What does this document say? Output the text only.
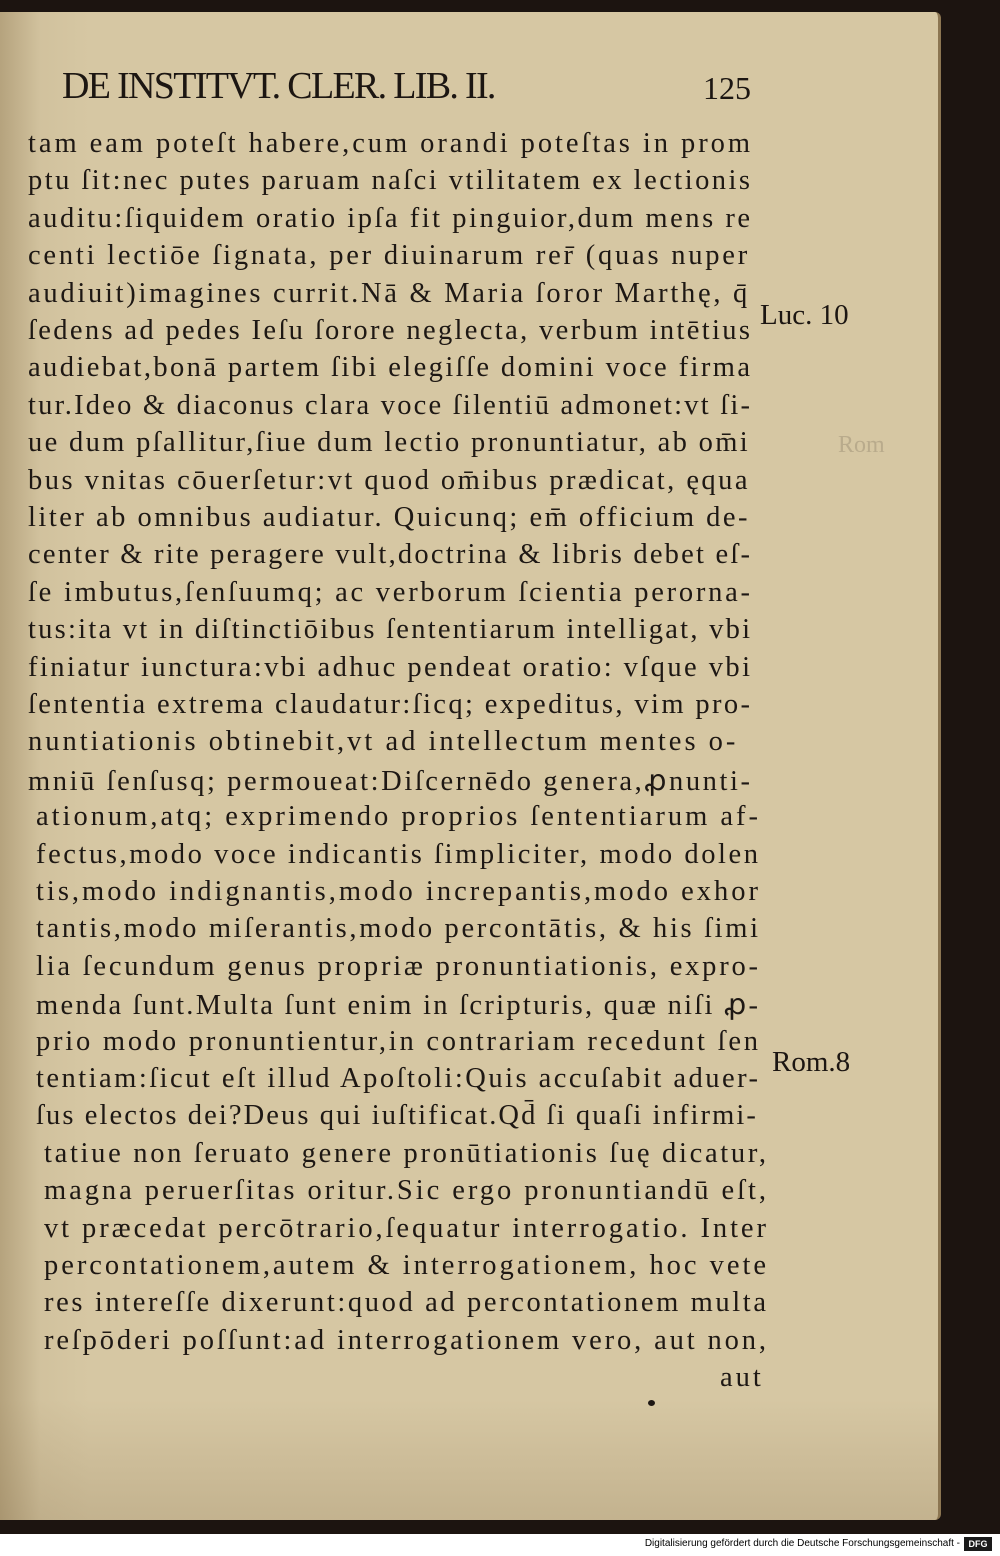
DE INSTITVT. CLER. LIB. II.	125
tam eam poteſt habere,cum orandi poteſtas in prom
ptu ſit:nec putes paruam naſci vtilitatem ex lectionis
auditu:ſiquidem oratio ipſa fit pinguior,dum mens re
centi lectiōe ſignata, per diuinarum rer̄ (quas nuper
audiuit)imagines currit.Nā & Maria ſoror Marthę, q̄
ſedens ad pedes Ieſu ſorore neglecta, verbum intētius
audiebat,bonā partem ſibi elegiſſe domini voce firma
tur.Ideo & diaconus clara voce ſilentiū admonet:vt ſi-
ue dum pſallitur,ſiue dum lectio pronuntiatur, ab om̄i
bus vnitas cōuerſetur:vt quod om̄ibus prædicat, ęqua
liter ab omnibus audiatur. Quicunq; em̄ officium de-
center & rite peragere vult,doctrina & libris debet eſ-
ſe imbutus,ſenſuumq; ac verborum ſcientia perorna-
tus:ita vt in diſtinctiōibus ſententiarum intelligat, vbi
finiatur iunctura:vbi adhuc pendeat oratio: vſque vbi
ſententia extrema claudatur:ſicq; expeditus, vim pro-
nuntiationis obtinebit,vt ad intellectum mentes o-
mniū ſenſusq; permoueat:Diſcernēdo genera,ꝓnunti-
ationum,atq; exprimendo proprios ſententiarum af-
fectus,modo voce indicantis ſimpliciter, modo dolen
tis,modo indignantis,modo increpantis,modo exhor
tantis,modo miſerantis,modo percontātis, & his ſimi
lia ſecundum genus propriæ pronuntiationis, expro-
menda ſunt.Multa ſunt enim in ſcripturis, quæ niſi ꝓ-
prio modo pronuntientur,in contrariam recedunt ſen
tentiam:ſicut eſt illud Apoſtoli:Quis accuſabit aduer-
ſus electos dei?Deus qui iuſtificat.Qd̄ ſi quaſi infirmi-
tatiue non ſeruato genere pronūtiationis ſuę dicatur,
magna peruerſitas oritur.Sic ergo pronuntiandū eſt,
vt præcedat percōtrario,ſequatur interrogatio. Inter
percontationem,autem & interrogationem, hoc vete
res intereſſe dixerunt:quod ad percontationem multa
reſpōderi poſſunt:ad interrogationem vero, aut non,
aut
Luc. 10
Rom.8
Rom
Digitalisierung gefördert durch die Deutsche Forschungsgemeinschaft - DFG
